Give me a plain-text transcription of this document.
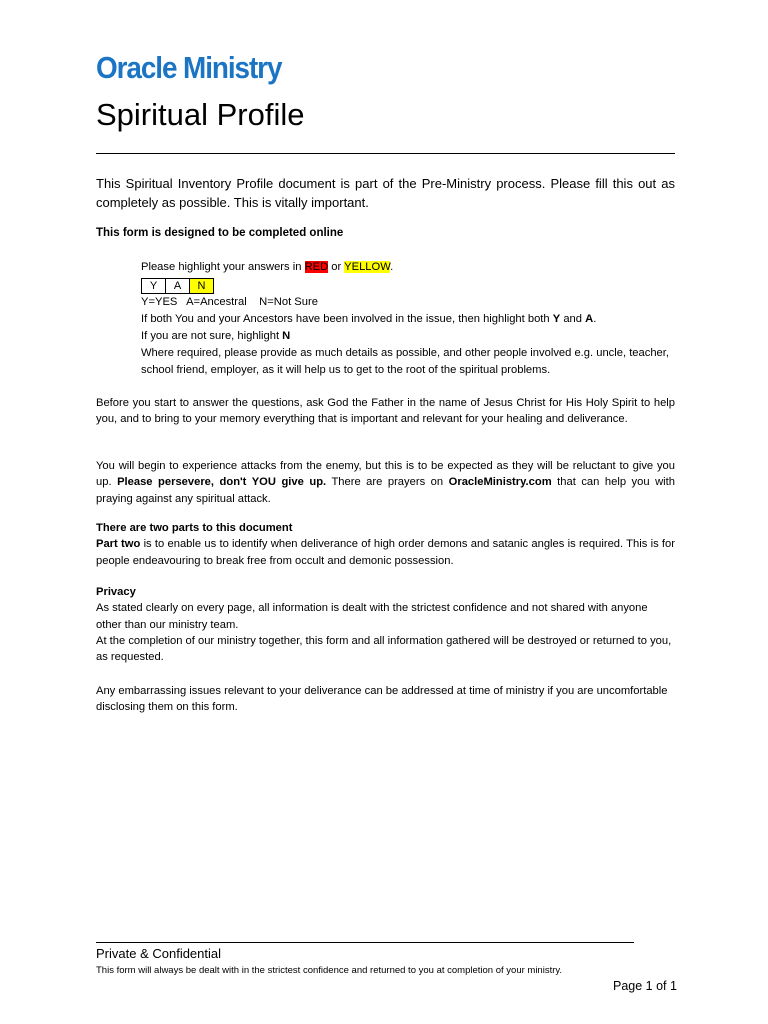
Oracle Ministry
Spiritual Profile
This Spiritual Inventory Profile document is part of the Pre-Ministry process. Please fill this out as completely as possible. This is vitally important.
This form is designed to be completed online
Please highlight your answers in RED or YELLOW.
Y	A	N
Y=YES   A=Ancestral    N=Not Sure
If both You and your Ancestors have been involved in the issue, then highlight both Y and A.
If you are not sure, highlight N
Where required, please provide as much details as possible, and other people involved e.g. uncle, teacher,
school friend, employer, as it will help us to get to the root of the spiritual problems.
Before you start to answer the questions, ask God the Father in the name of Jesus Christ for His Holy Spirit to help you, and to bring to your memory everything that is important and relevant for your healing and deliverance.
You will begin to experience attacks from the enemy, but this is to be expected as they will be reluctant to give you up. Please persevere, don't YOU give up. There are prayers on OracleMinistry.com that can help you with praying against any spiritual attack.
There are two parts to this document
Part two is to enable us to identify when deliverance of high order demons and satanic angles is required. This is for people endeavouring to break free from occult and demonic possession.
Privacy
As stated clearly on every page, all information is dealt with the strictest confidence and not shared with anyone other than our ministry team.
At the completion of our ministry together, this form and all information gathered will be destroyed or returned to you, as requested.
Any embarrassing issues relevant to your deliverance can be addressed at time of ministry if you are uncomfortable disclosing them on this form.
Private & Confidential
This form will always be dealt with in the strictest confidence and returned to you at completion of your ministry.
Page 1 of 1
